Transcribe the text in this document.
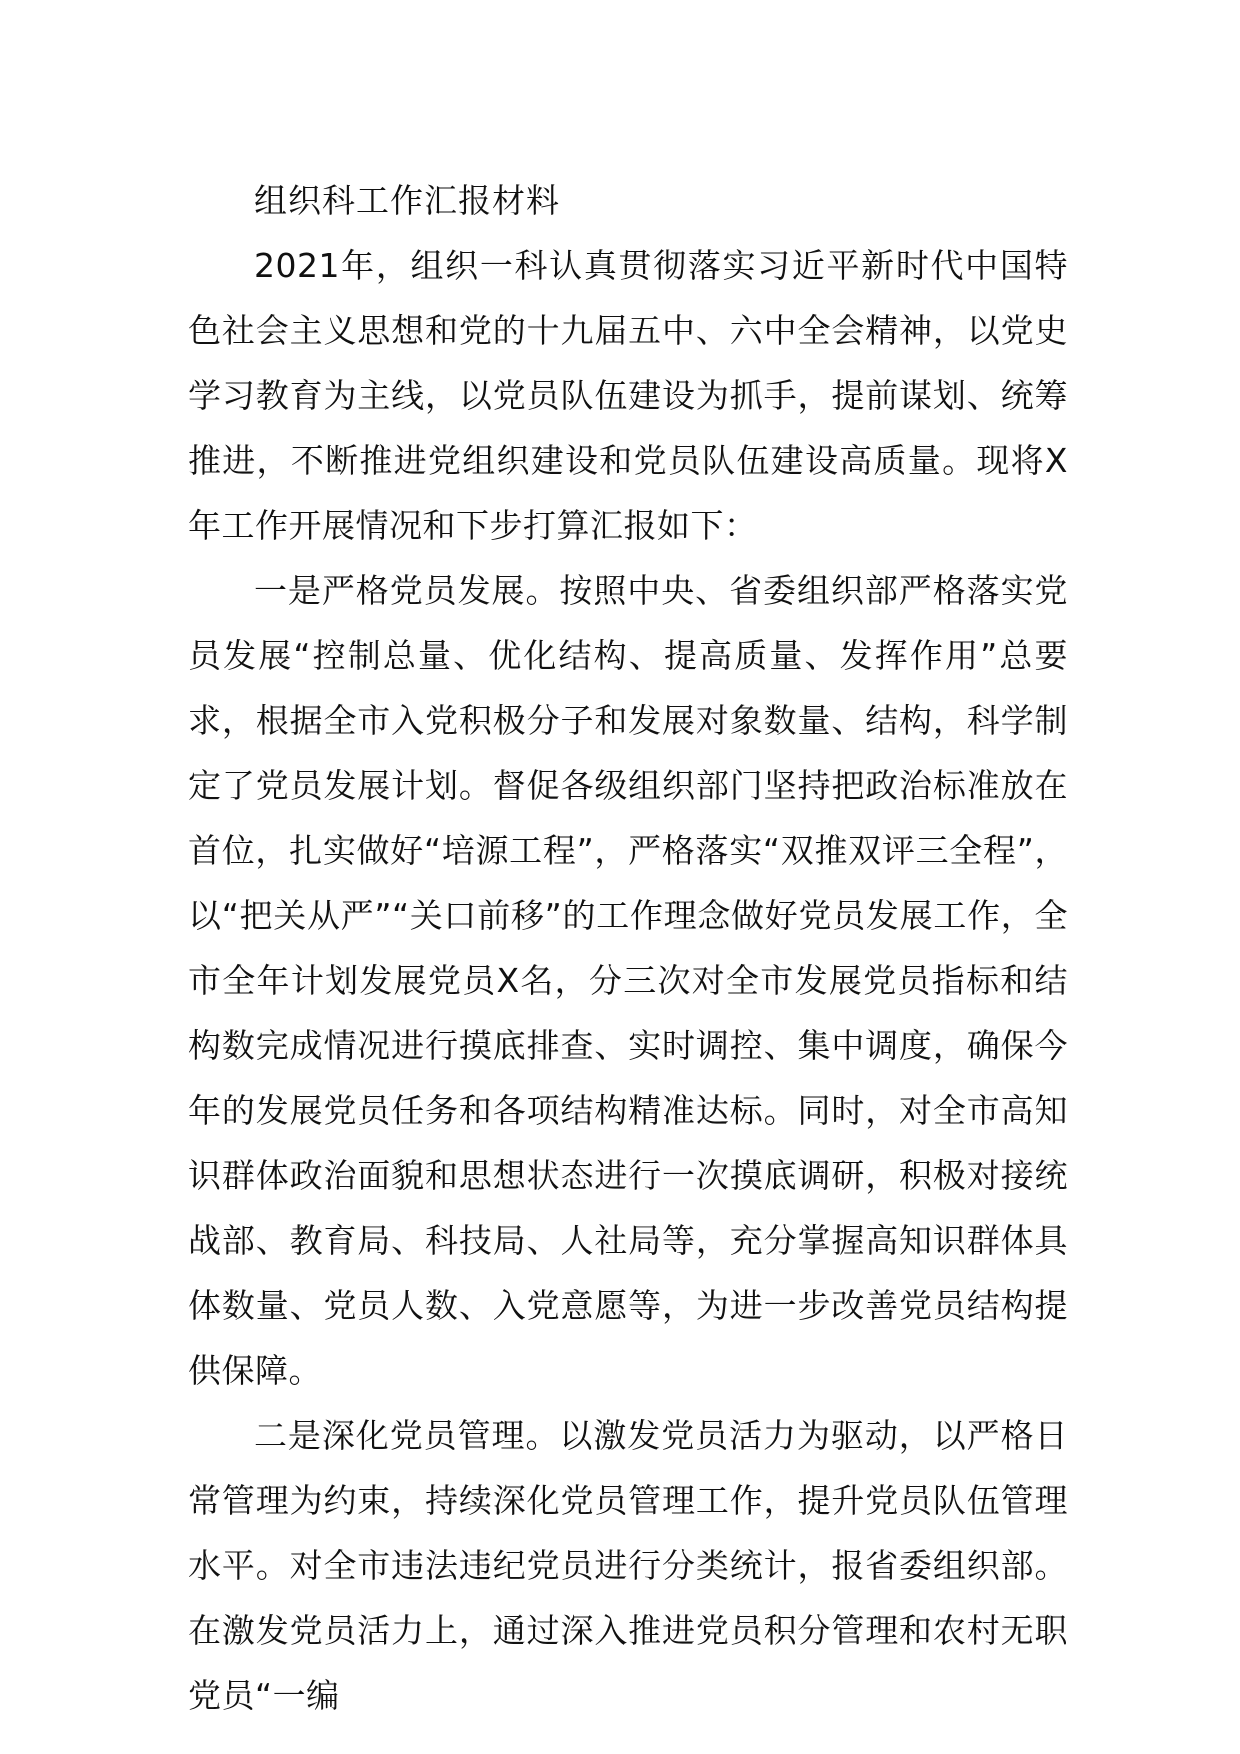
组织科工作汇报材料

2021年，组织一科认真贯彻落实习近平新时代中国特色社会主义思想和党的十九届五中、六中全会精神，以党史学习教育为主线，以党员队伍建设为抓手，提前谋划、统筹推进，不断推进党组织建设和党员队伍建设高质量。现将X年工作开展情况和下步打算汇报如下：

一是严格党员发展。按照中央、省委组织部严格落实党员发展“控制总量、优化结构、提高质量、发挥作用”总要求，根据全市入党积极分子和发展对象数量、结构，科学制定了党员发展计划。督促各级组织部门坚持把政治标准放在首位，扎实做好“培源工程”，严格落实“双推双评三全程”，以“把关从严”“关口前移”的工作理念做好党员发展工作，全市全年计划发展党员X名，分三次对全市发展党员指标和结构数完成情况进行摸底排查、实时调控、集中调度，确保今年的发展党员任务和各项结构精准达标。同时，对全市高知识群体政治面貌和思想状态进行一次摸底调研，积极对接统战部、教育局、科技局、人社局等，充分掌握高知识群体具体数量、党员人数、入党意愿等，为进一步改善党员结构提供保障。

二是深化党员管理。以激发党员活力为驱动，以严格日常管理为约束，持续深化党员管理工作，提升党员队伍管理水平。对全市违法违纪党员进行分类统计，报省委组织部。在激发党员活力上，通过深入推进党员积分管理和农村无职党员“一编
